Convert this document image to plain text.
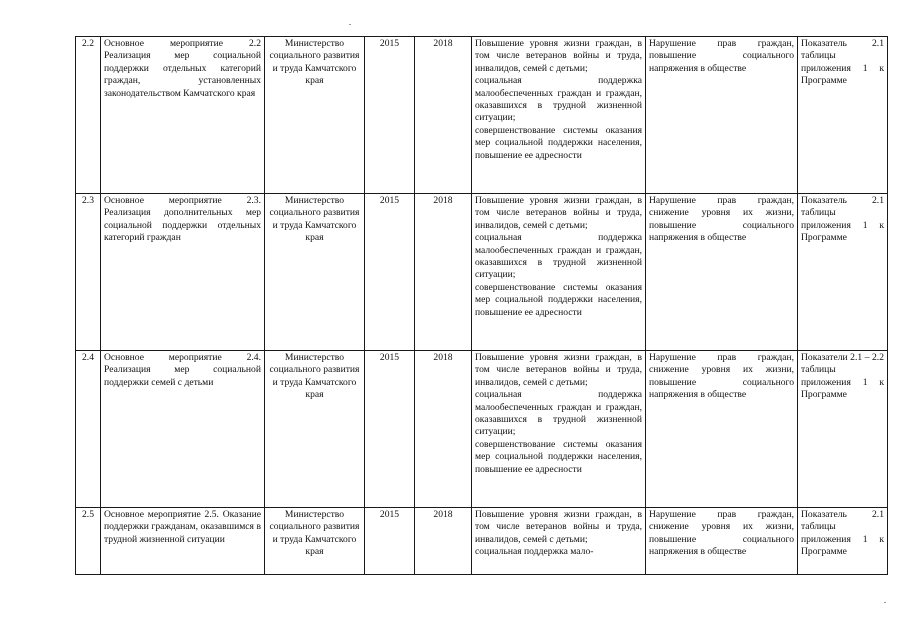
2.2	Основное мероприятие 2.2 Реализация мер социальной поддержки отдельных категорий граждан, установленных законодательством Камчатского края	Министерство социального развития и труда Камчатского края	2015	2018	Повышение уровня жизни граждан, в том числе ветеранов войны и труда, инвалидов, семей с детьми;
социальная поддержка малообеспеченных граждан и граждан, оказавшихся в трудной жизненной ситуации;
совершенствование системы оказания мер социальной поддержки населения, повышение ее адресности	Нарушение прав граждан, повышение социального напряжения в обществе	Показатель 2.1 таблицы приложения 1 к Программе
2.3	Основное мероприятие 2.3. Реализация дополнительных мер социальной поддержки отдельных категорий граждан	Министерство социального развития и труда Камчатского края	2015	2018	Повышение уровня жизни граждан, в том числе ветеранов войны и труда, инвалидов, семей с детьми;
социальная поддержка малообеспеченных граждан и граждан, оказавшихся в трудной жизненной ситуации;
совершенствование системы оказания мер социальной поддержки населения, повышение ее адресности	Нарушение прав граждан, снижение уровня их жизни, повышение социального напряжения в обществе	Показатель 2.1 таблицы приложения 1 к Программе
2.4	Основное мероприятие 2.4. Реализация мер социальной поддержки семей с детьми	Министерство социального развития и труда Камчатского края	2015	2018	Повышение уровня жизни граждан, в том числе ветеранов войны и труда, инвалидов, семей с детьми;
социальная поддержка малообеспеченных граждан и граждан, оказавшихся в трудной жизненной ситуации;
совершенствование системы оказания мер социальной поддержки населения, повышение ее адресности	Нарушение прав граждан, снижение уровня их жизни, повышение социального напряжения в обществе	Показатели 2.1 – 2.2 таблицы приложения 1 к Программе
2.5	Основное мероприятие 2.5. Оказание поддержки гражданам, оказавшимся в трудной жизненной ситуации	Министерство социального развития и труда Камчатского края	2015	2018	Повышение уровня жизни граждан, в том числе ветеранов войны и труда, инвалидов, семей с детьми;
социальная поддержка мало-	Нарушение прав граждан, снижение уровня их жизни, повышение социального напряжения в обществе	Показатель 2.1 таблицы приложения 1 к Программе
